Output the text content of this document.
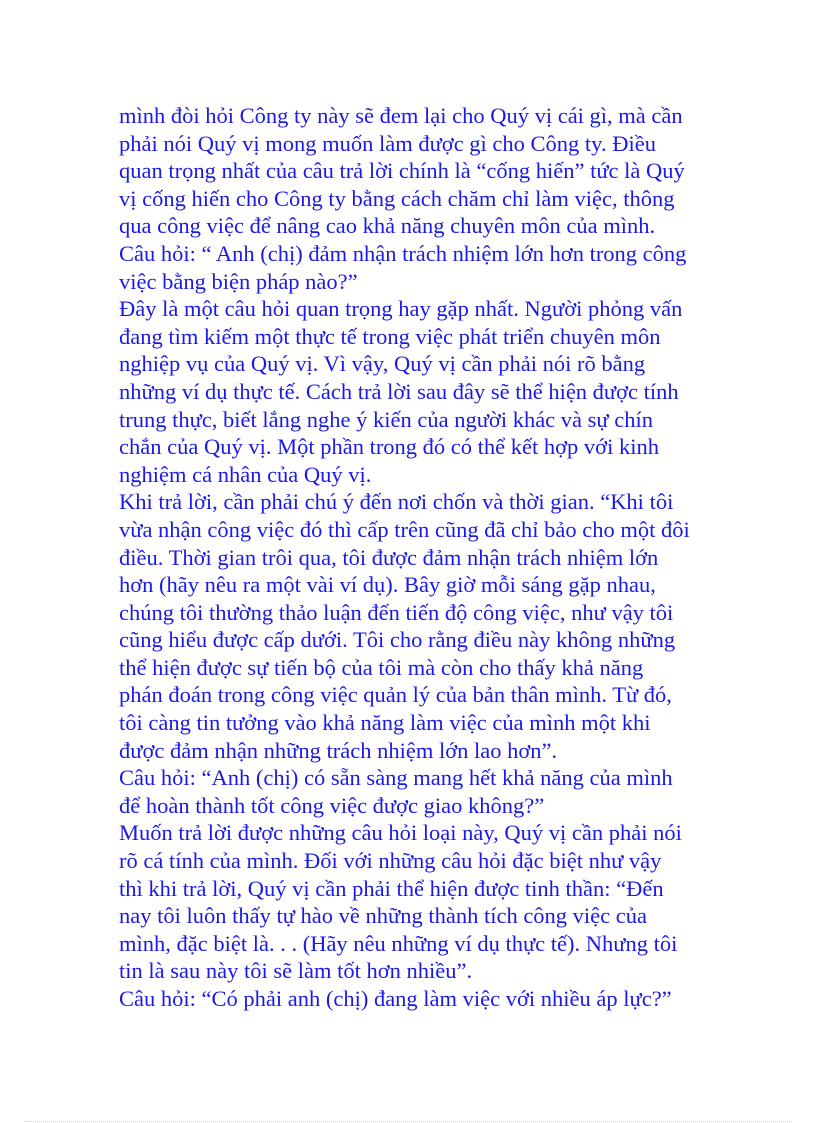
mình đòi hỏi Công ty này sẽ đem lại cho Quý vị cái gì, mà cần
phải nói Quý vị mong muốn làm được gì cho Công ty. Điều
quan trọng nhất của câu trả lời chính là “cống hiến” tức là Quý
vị cống hiến cho Công ty bằng cách chăm chỉ làm việc, thông
qua công việc để nâng cao khả năng chuyên môn của mình.
Câu hỏi: “ Anh (chị) đảm nhận trách nhiệm lớn hơn trong công
việc bằng biện pháp nào?”
Đây là một câu hỏi quan trọng hay gặp nhất. Người phỏng vấn
đang tìm kiếm một thực tế trong việc phát triển chuyên môn
nghiệp vụ của Quý vị. Vì vậy, Quý vị cần phải nói rõ bằng
những ví dụ thực tế. Cách trả lời sau đây sẽ thể hiện được tính
trung thực, biết lắng nghe ý kiến của người khác và sự chín
chắn của Quý vị. Một phần trong đó có thể kết hợp với kinh
nghiệm cá nhân của Quý vị.
Khi trả lời, cần phải chú ý đến nơi chốn và thời gian. “Khi tôi
vừa nhận công việc đó thì cấp trên cũng đã chỉ bảo cho một đôi
điều. Thời gian trôi qua, tôi được đảm nhận trách nhiệm lớn
hơn (hãy nêu ra một vài ví dụ). Bây giờ mỗi sáng gặp nhau,
chúng tôi thường thảo luận đến tiến độ công việc, như vậy tôi
cũng hiểu được cấp dưới. Tôi cho rằng điều này không những
thể hiện được sự tiến bộ của tôi mà còn cho thấy khả năng
phán đoán trong công việc quản lý của bản thân mình. Từ đó,
tôi càng tin tưởng vào khả năng làm việc của mình một khi
được đảm nhận những trách nhiệm lớn lao hơn”.
Câu hỏi: “Anh (chị) có sẵn sàng mang hết khả năng của mình
để hoàn thành tốt công việc được giao không?”
Muốn trả lời được những câu hỏi loại này, Quý vị cần phải nói
rõ cá tính của mình. Đối với những câu hỏi đặc biệt như vậy
thì khi trả lời, Quý vị cần phải thể hiện được tinh thần: “Đến
nay tôi luôn thấy tự hào về những thành tích công việc của
mình, đặc biệt là. . . (Hãy nêu những ví dụ thực tế). Nhưng tôi
tin là sau này tôi sẽ làm tốt hơn nhiều”.
Câu hỏi: “Có phải anh (chị) đang làm việc với nhiều áp lực?”
